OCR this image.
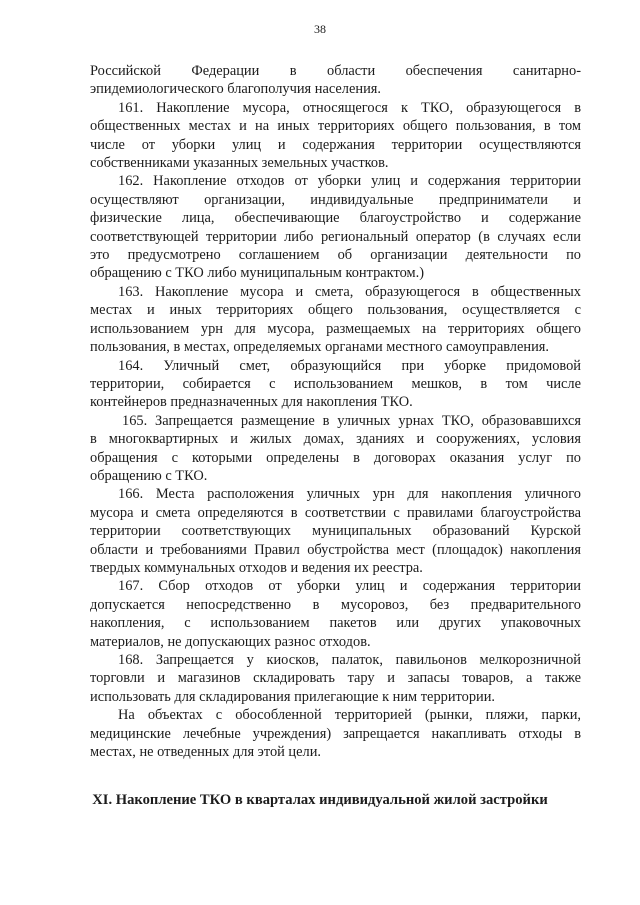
38
Российской Федерации в области обеспечения санитарно-
эпидемиологического благополучия населения.
161. Накопление мусора, относящегося к ТКО, образующегося в
общественных местах и на иных территориях общего пользования, в том
числе от уборки улиц и содержания территории осуществляются
собственниками указанных земельных участков.
162. Накопление отходов от уборки улиц и содержания территории
осуществляют организации, индивидуальные предприниматели и
физические лица, обеспечивающие благоустройство и содержание
соответствующей территории либо региональный оператор (в случаях если
это предусмотрено соглашением об организации деятельности по
обращению с ТКО либо муниципальным контрактом.)
163. Накопление мусора и смета, образующегося в общественных
местах и иных территориях общего пользования, осуществляется с
использованием урн для мусора, размещаемых на территориях общего
пользования, в местах, определяемых органами местного самоуправления.
164. Уличный смет, образующийся при уборке придомовой
территории, собирается с использованием мешков, в том числе
контейнеров предназначенных для накопления ТКО.
165. Запрещается размещение в уличных урнах ТКО, образовавшихся
в многоквартирных и жилых домах, зданиях и сооружениях, условия
обращения с которыми определены в договорах оказания услуг по
обращению с ТКО.
166. Места расположения уличных урн для накопления уличного
мусора и смета определяются в соответствии с правилами благоустройства
территории соответствующих муниципальных образований Курской
области и требованиями Правил обустройства мест (площадок) накопления
твердых коммунальных отходов и ведения их реестра.
167. Сбор отходов от уборки улиц и содержания территории
допускается непосредственно в мусоровоз, без предварительного
накопления, с использованием пакетов или других упаковочных
материалов, не допускающих разнос отходов.
168. Запрещается у киосков, палаток, павильонов мелкорозничной
торговли и магазинов складировать тару и запасы товаров, а также
использовать для складирования прилегающие к ним территории.
На объектах с обособленной территорией (рынки, пляжи, парки,
медицинские лечебные учреждения) запрещается накапливать отходы в
местах, не отведенных для этой цели.
XI. Накопление ТКО в кварталах индивидуальной жилой застройки
